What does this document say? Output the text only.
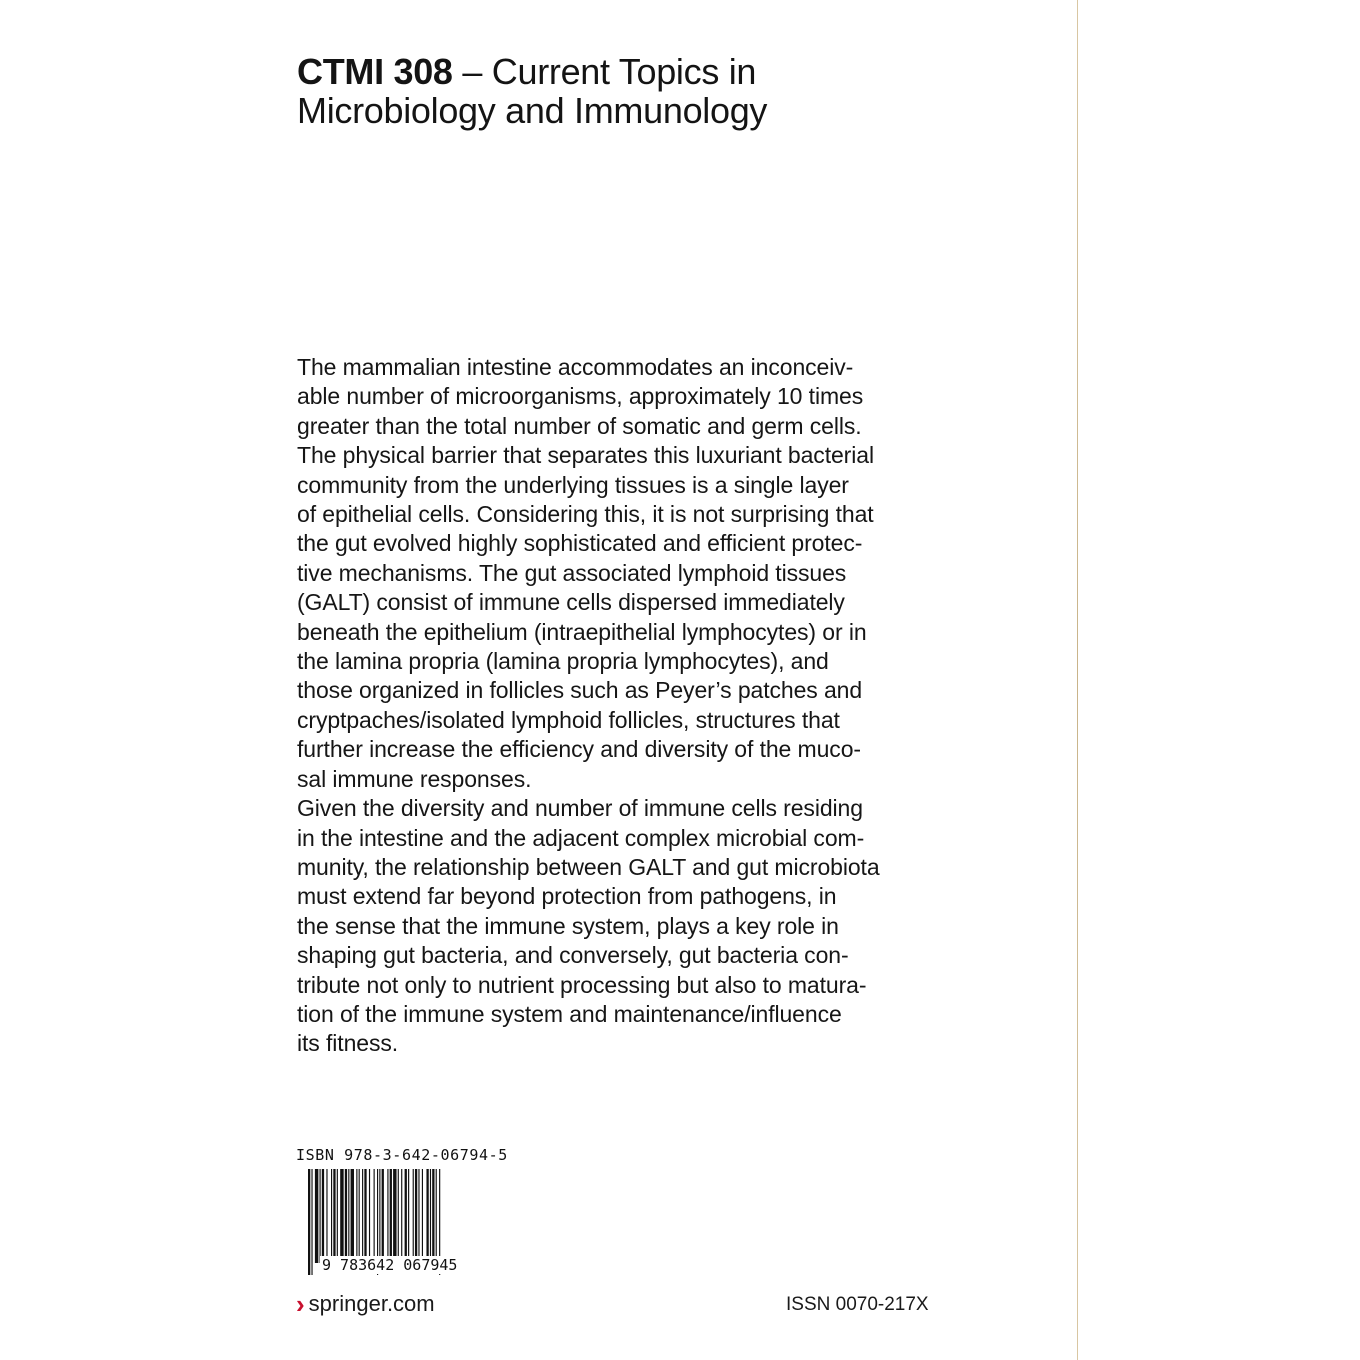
CTMI 308 – Current Topics in
Microbiology and Immunology
The mammalian intestine accommodates an inconceiv-
able number of microorganisms, approximately 10 times
greater than the total number of somatic and germ cells.
The physical barrier that separates this luxuriant bacterial
community from the underlying tissues is a single layer
of epithelial cells. Considering this, it is not surprising that
the gut evolved highly sophisticated and efficient protec-
tive mechanisms. The gut associated lymphoid tissues
(GALT) consist of immune cells dispersed immediately
beneath the epithelium (intraepithelial lymphocytes) or in
the lamina propria (lamina propria lymphocytes), and
those organized in follicles such as Peyer’s patches and
cryptpaches/isolated lymphoid follicles, structures that
further increase the efficiency and diversity of the muco-
sal immune responses.
Given the diversity and number of immune cells residing
in the intestine and the adjacent complex microbial com-
munity, the relationship between GALT and gut microbiota
must extend far beyond protection from pathogens, in
the sense that the immune system, plays a key role in
shaping gut bacteria, and conversely, gut bacteria con-
tribute not only to nutrient processing but also to matura-
tion of the immune system and maintenance/influence
its fitness.
ISBN 978-3-642-06794-5
9 783642 067945
› springer.com	ISSN 0070-217X
